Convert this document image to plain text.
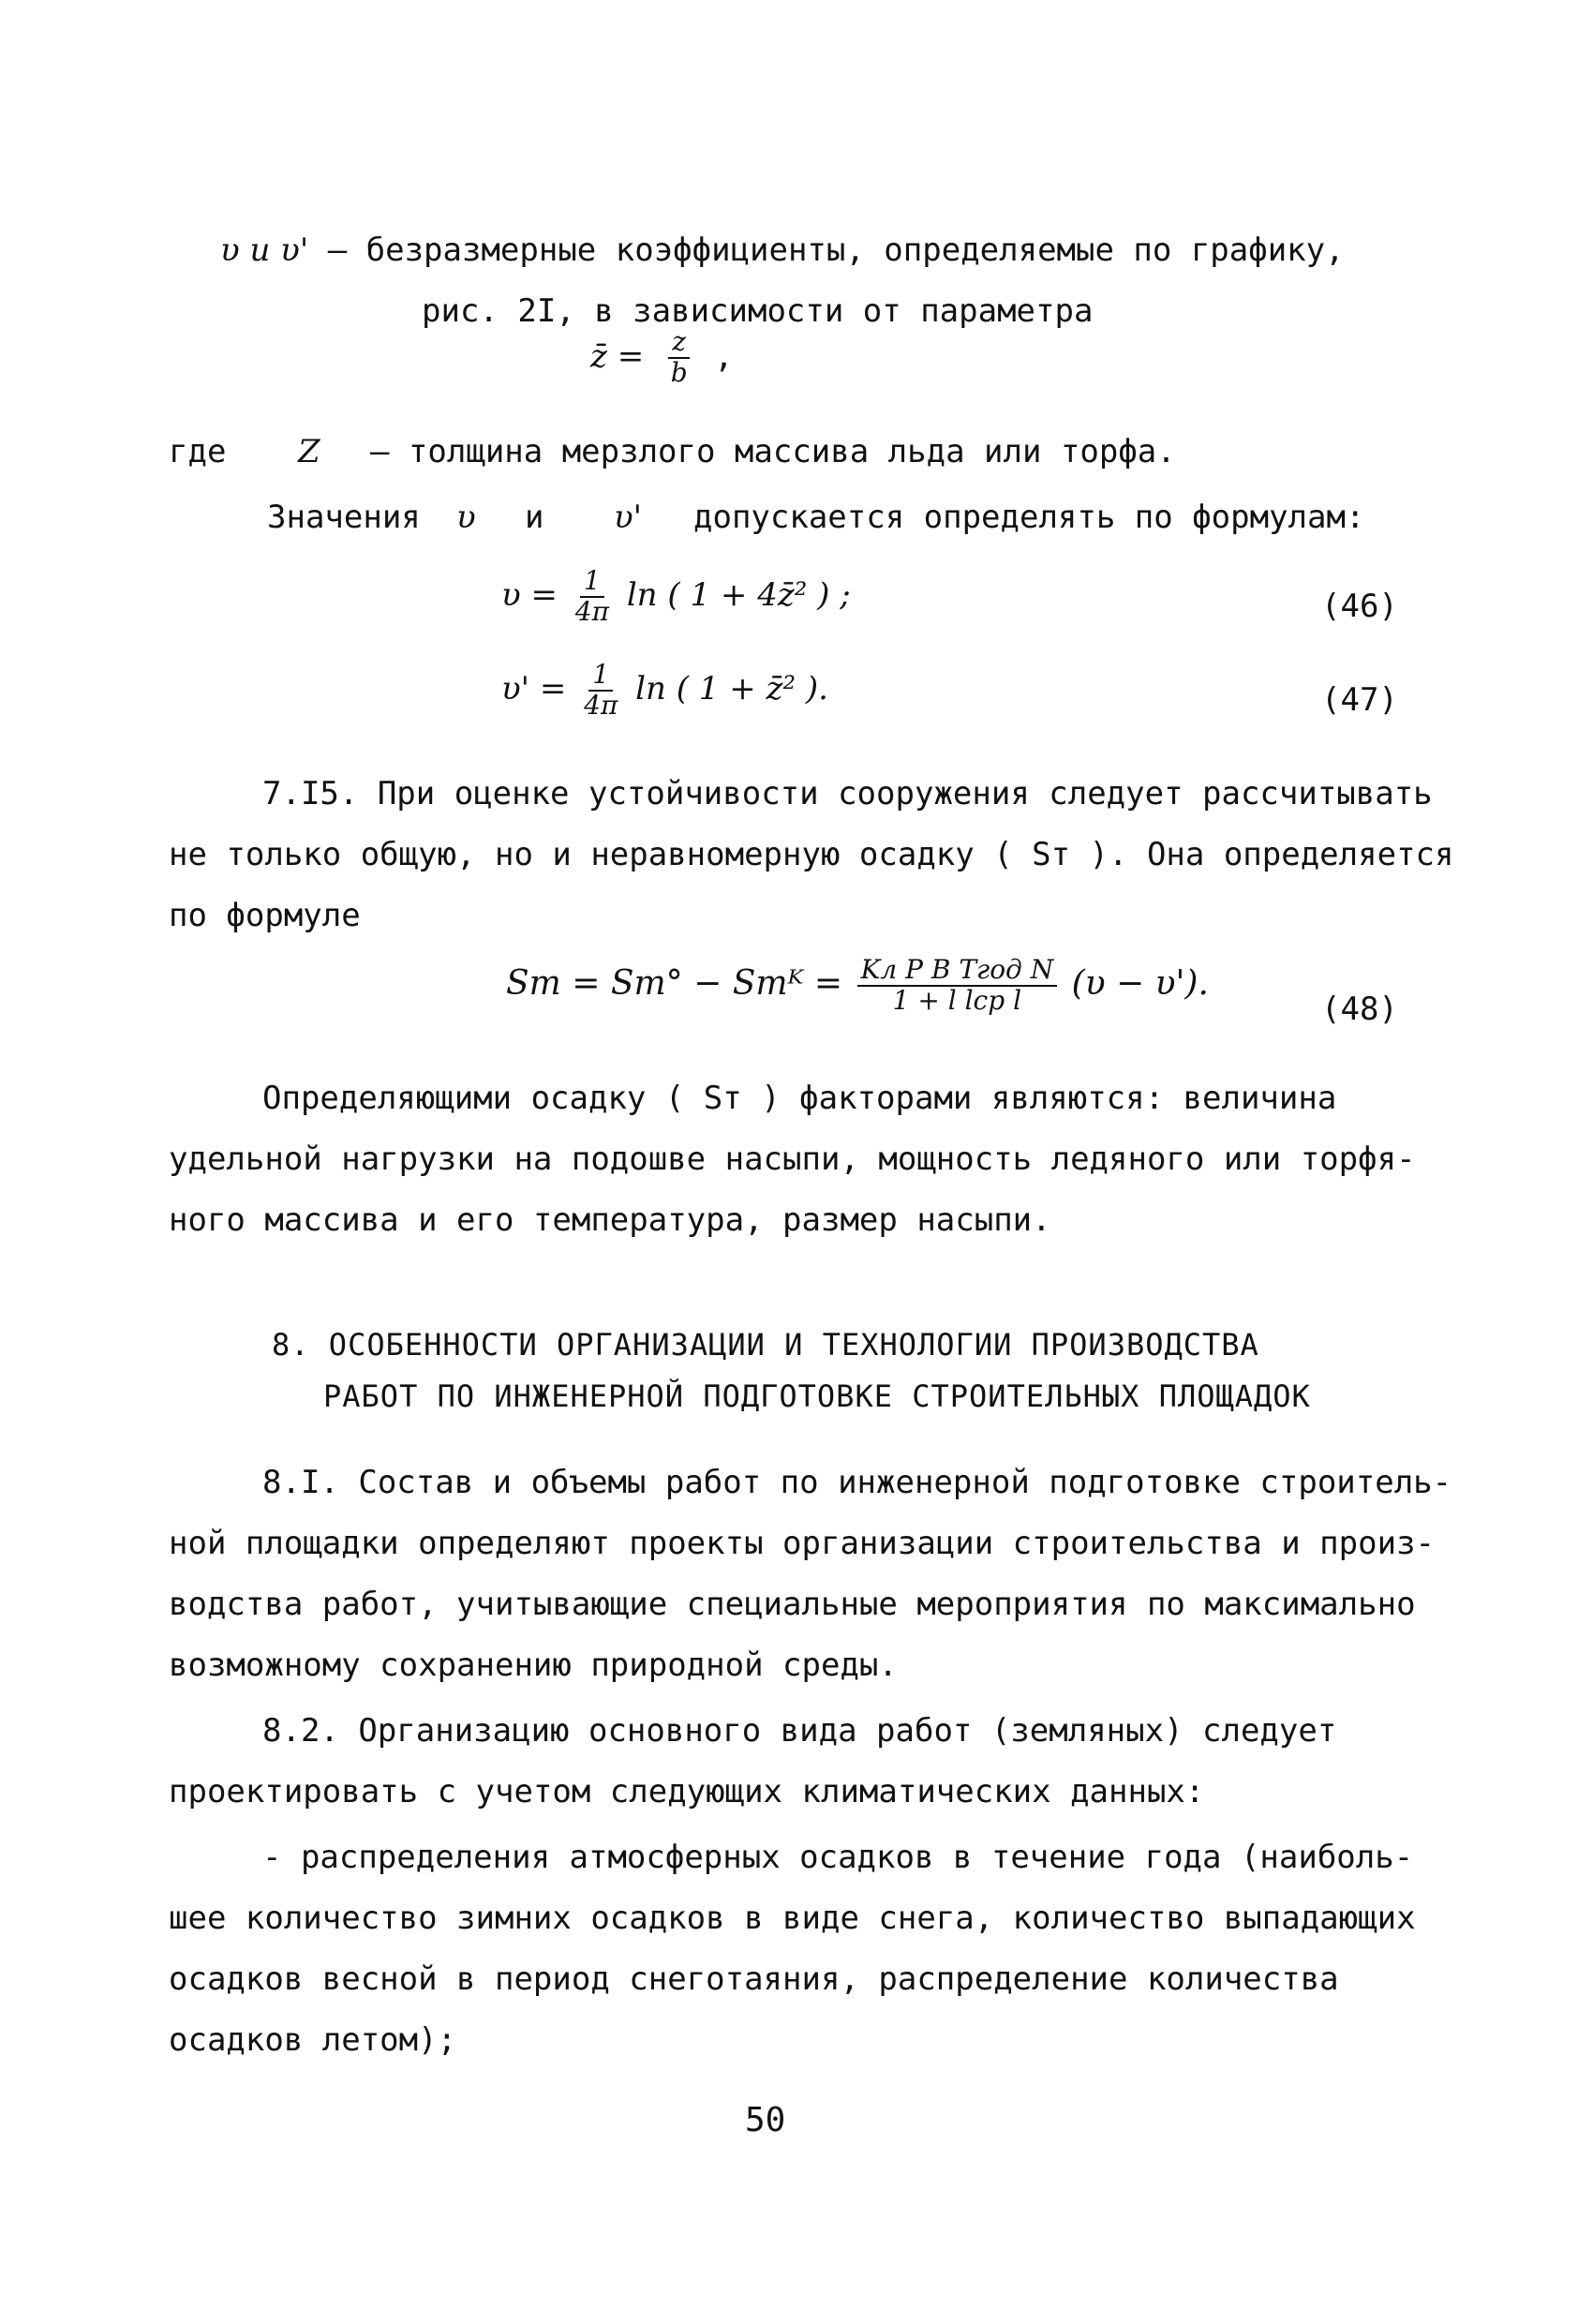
υ и υ' – безразмерные коэффициенты, определяемые по графику,
рис. 2I, в зависимости от параметра
z̄ = $\frac{z}{b}$ ,
где Z – толщина мерзлого массива льда или торфа.
Значения υ и υ' допускается определять по формулам:
$\upsilon = \frac{1}{4\pi}$ ln ( 1 + 4z̄² ) ;	(46)
$\upsilon' = \frac{1}{4\pi}$ ln ( 1 + z̄² ).	(47)
7.I5. При оценке устойчивости сооружения следует рассчитывать
не только общую, но и неравномерную осадку ( Sт ). Она определяется
по формуле
Sт = Sт° − Sтᴷ = $\frac{\text{Kл P B Tгод N}}{\text{1 + l lср l}} (\upsilon - \upsilon')$.
(48)
Определяющими осадку ( Sт ) факторами являются: величина
удельной нагрузки на подошве насыпи, мощность ледяного или торфя-
ного массива и его температура, размер насыпи.
8. ОСОБЕННОСТИ ОРГАНИЗАЦИИ И ТЕХНОЛОГИИ ПРОИЗВОДСТВА
РАБОТ ПО ИНЖЕНЕРНОЙ ПОДГОТОВКЕ СТРОИТЕЛЬНЫХ ПЛОЩАДОК
8.I. Состав и объемы работ по инженерной подготовке строитель-
ной площадки определяют проекты организации строительства и произ-
водства работ, учитывающие специальные мероприятия по максимально
возможному сохранению природной среды.
8.2. Организацию основного вида работ (земляных) следует
проектировать с учетом следующих климатических данных:
- распределения атмосферных осадков в течение года (наиболь-
шее количество зимних осадков в виде снега, количество выпадающих
осадков весной в период снеготаяния, распределение количества
осадков летом);
50
